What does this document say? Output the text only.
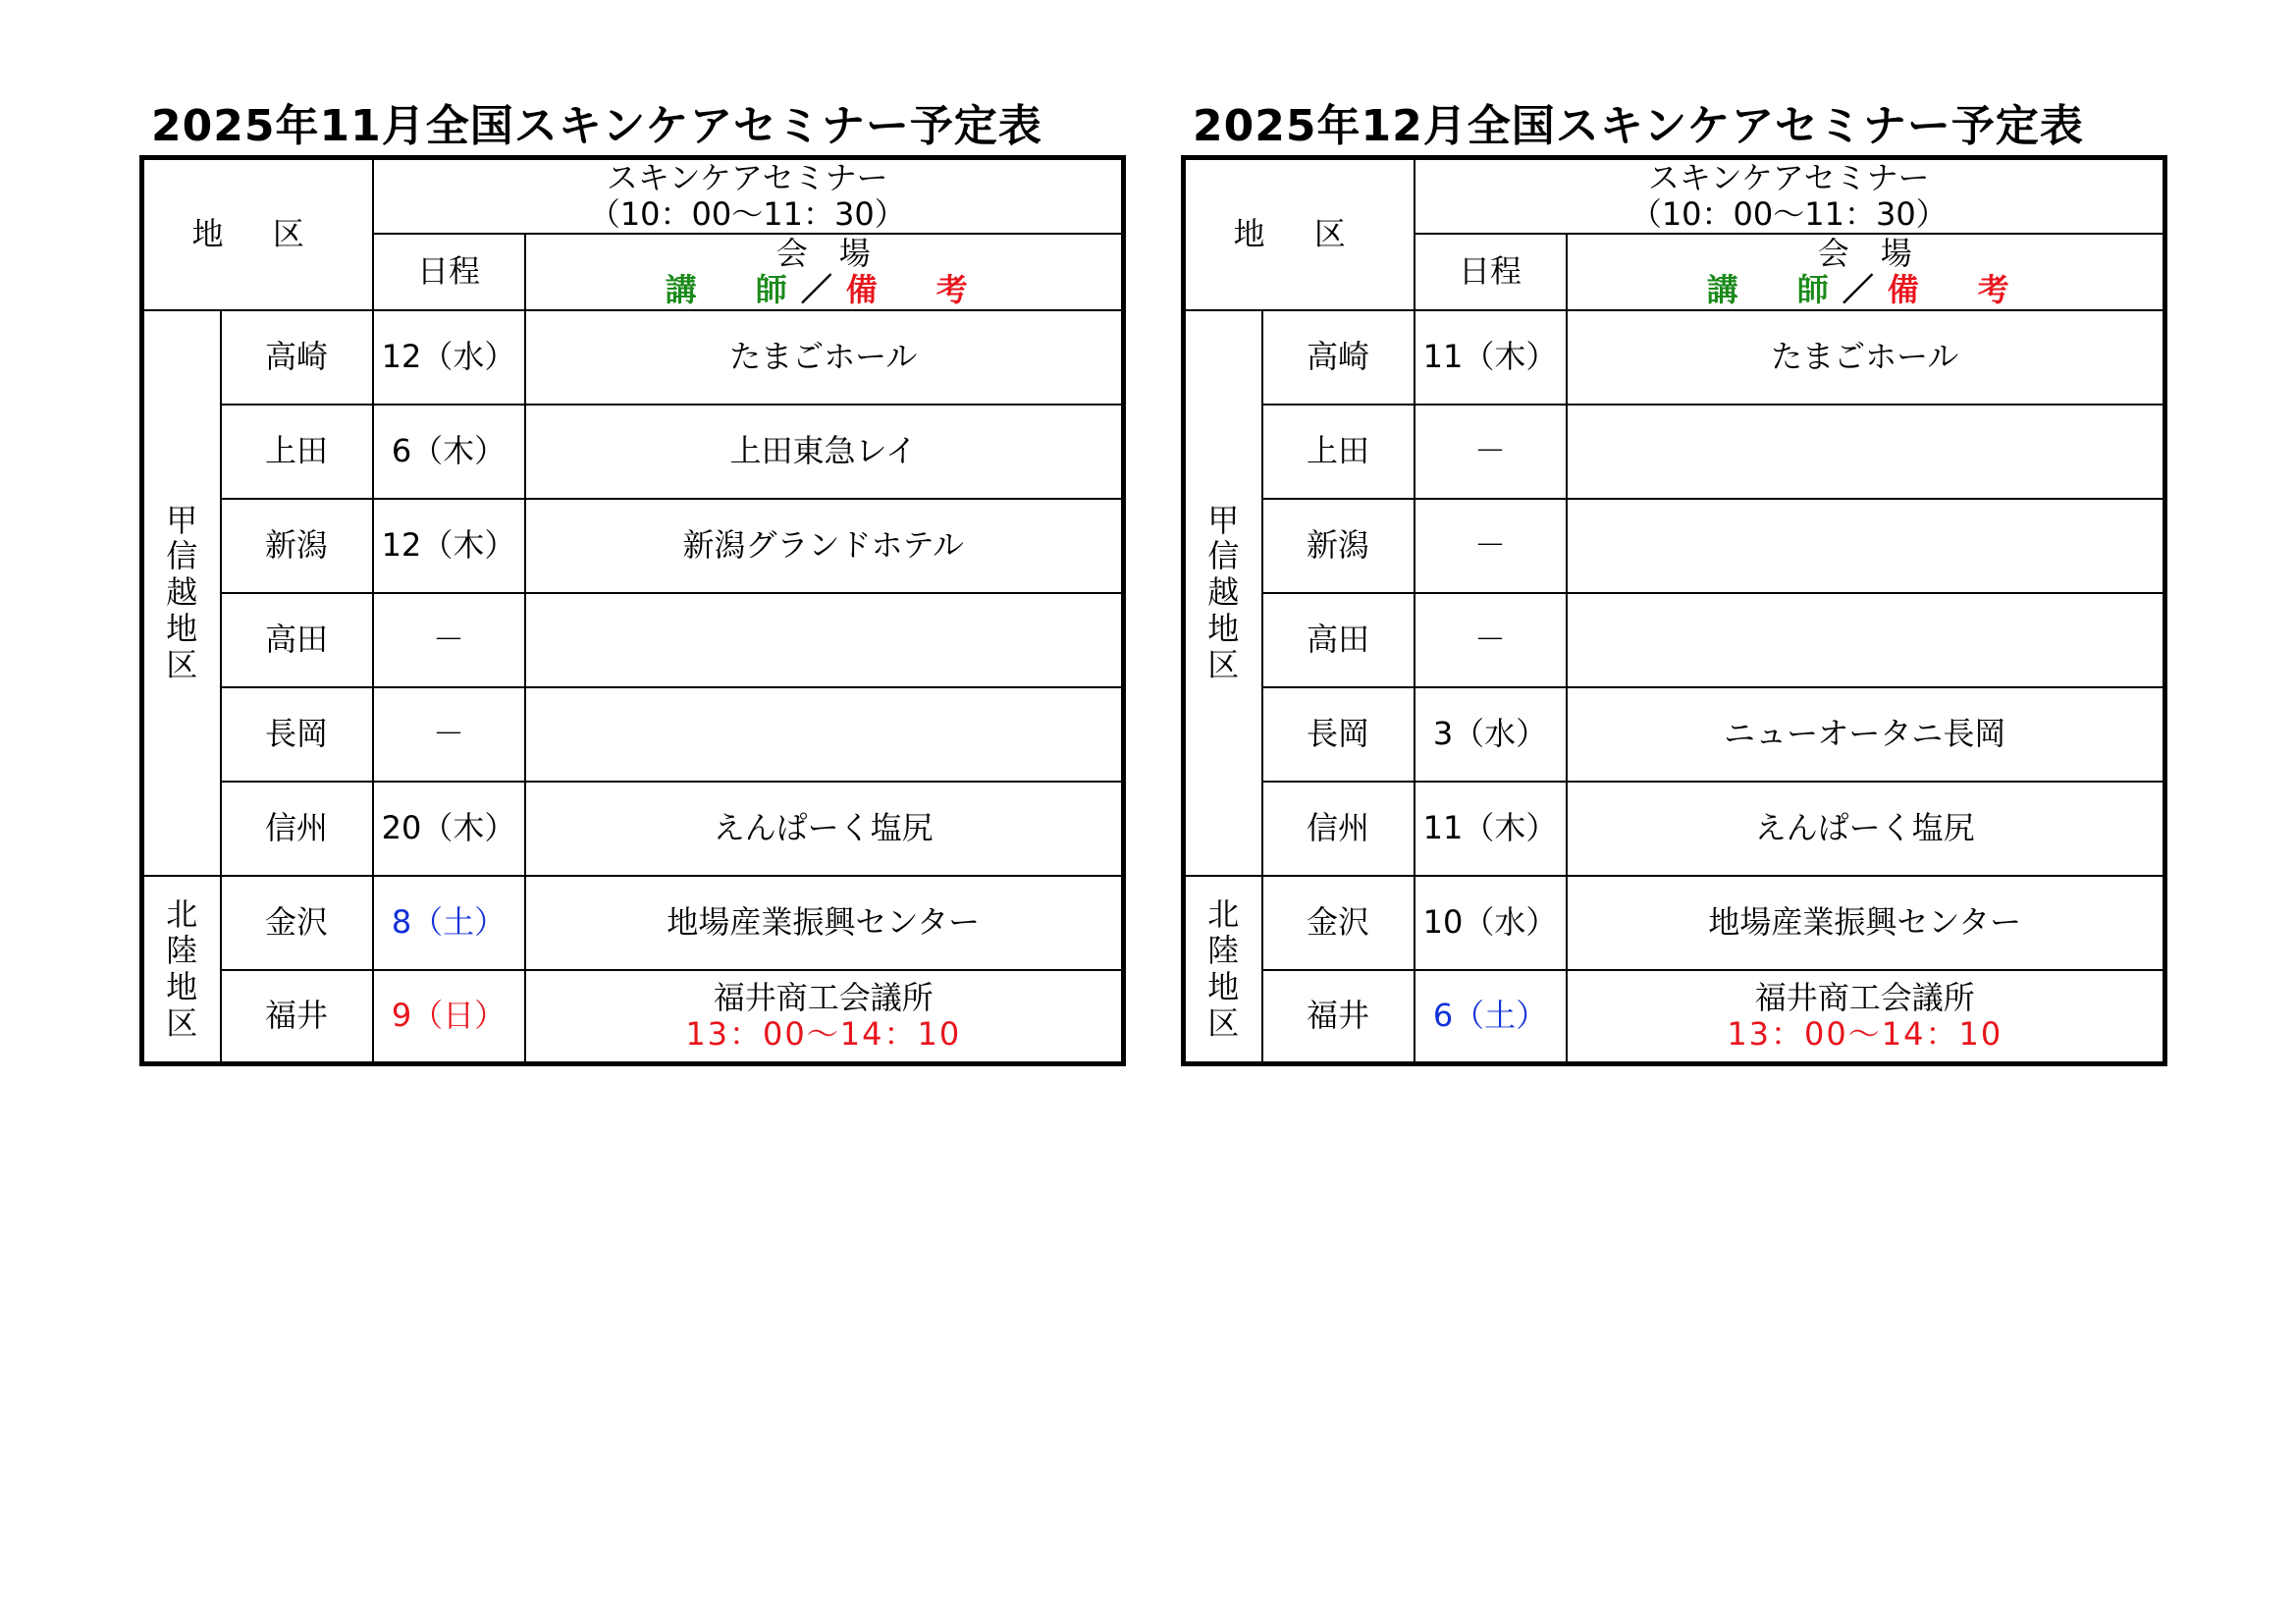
2025年11月全国スキンケアセミナー予定表
地 区		スキンケアセミナー
（10：00～11：30）	

		日程	会　場
講　師／備　考

甲
信
越
地
区	高崎	12（水）	たまごホール
	上田	6（木）	上田東急レイ
	新潟	12（木）	新潟グランドホテル
	高田	－	
	長岡	－	
	信州	20（木）	えんぱーく塩尻

北
陸
地
区	金沢	8（土）	地場産業振興センター
	福井	9（日）	福井商工会議所
13：00～14：10
2025年12月全国スキンケアセミナー予定表
地 区		スキンケアセミナー
（10：00～11：30）	

		日程	会　場
講　師／備　考

甲
信
越
地
区	高崎	11（木）	たまごホール
	上田	－	
	新潟	－	
	高田	－	
	長岡	3（水）	ニューオータニ長岡
	信州	11（木）	えんぱーく塩尻

北
陸
地
区	金沢	10（水）	地場産業振興センター
	福井	6（土）	福井商工会議所
13：00～14：10
